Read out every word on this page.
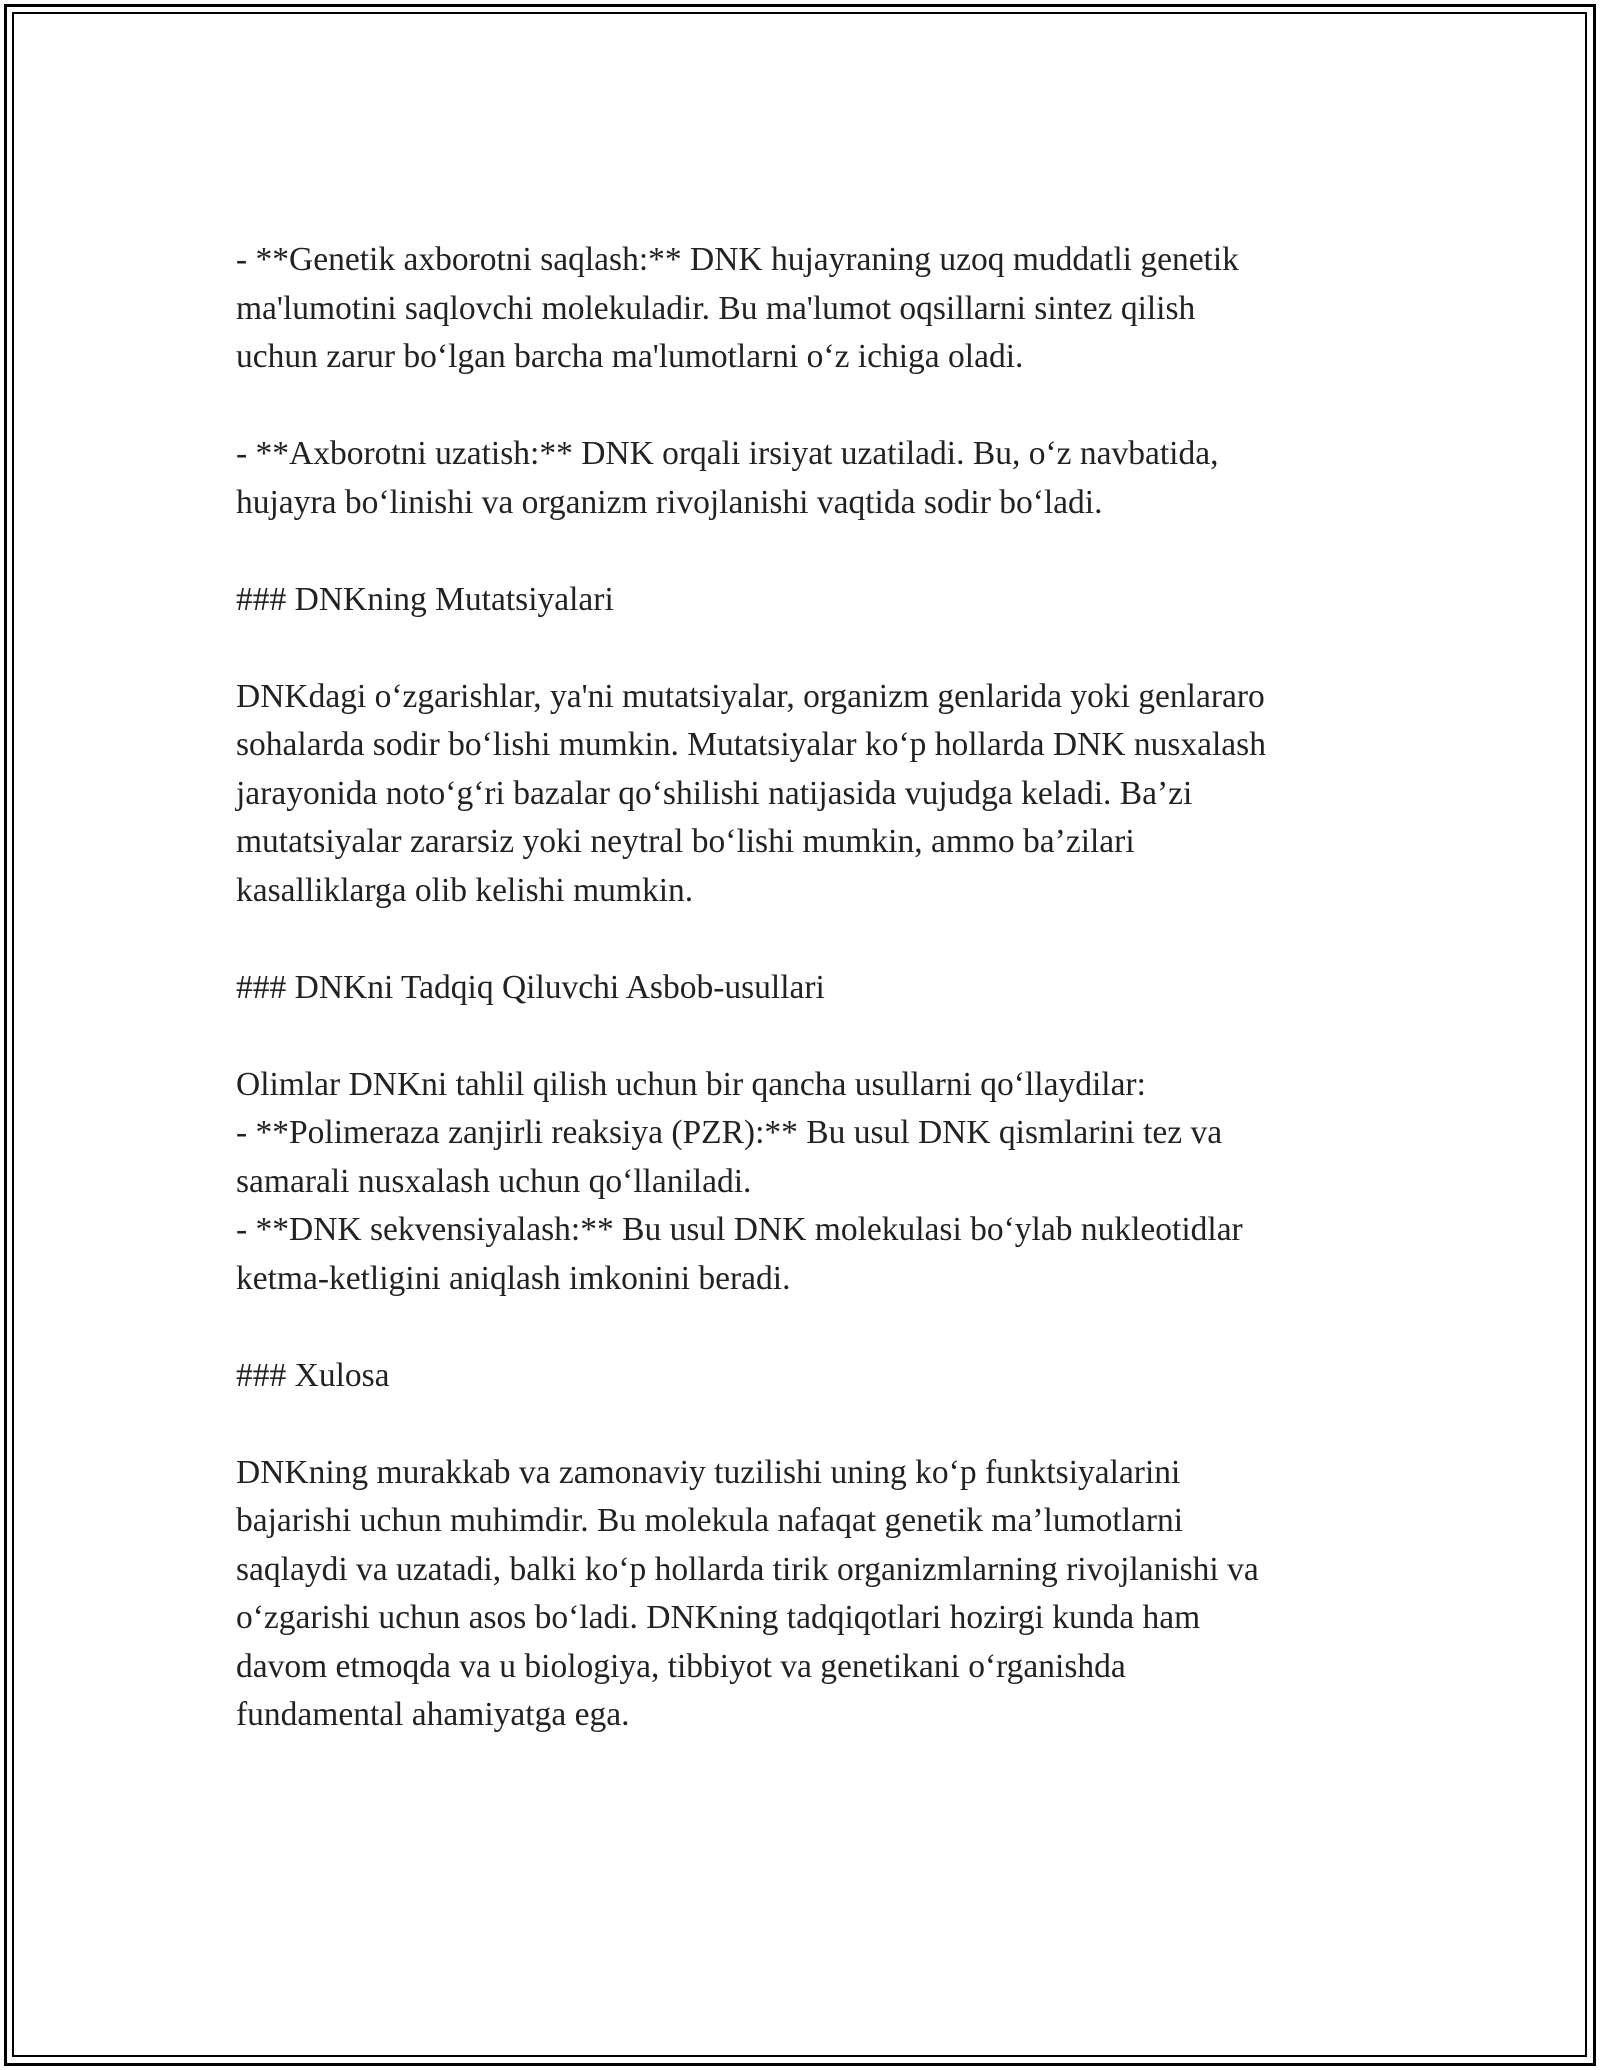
- **Genetik axborotni saqlash:** DNK hujayraning uzoq muddatli genetik
ma'lumotini saqlovchi molekuladir. Bu ma'lumot oqsillarni sintez qilish
uchun zarur bo‘lgan barcha ma'lumotlarni o‘z ichiga oladi.
- **Axborotni uzatish:** DNK orqali irsiyat uzatiladi. Bu, o‘z navbatida,
hujayra bo‘linishi va organizm rivojlanishi vaqtida sodir bo‘ladi.
### DNKning Mutatsiyalari
DNKdagi o‘zgarishlar, ya'ni mutatsiyalar, organizm genlarida yoki genlararo
sohalarda sodir bo‘lishi mumkin. Mutatsiyalar ko‘p hollarda DNK nusxalash
jarayonida noto‘g‘ri bazalar qo‘shilishi natijasida vujudga keladi. Ba’zi
mutatsiyalar zararsiz yoki neytral bo‘lishi mumkin, ammo ba’zilari
kasalliklarga olib kelishi mumkin.
### DNKni Tadqiq Qiluvchi Asbob-usullari
Olimlar DNKni tahlil qilish uchun bir qancha usullarni qo‘llaydilar:
- **Polimeraza zanjirli reaksiya (PZR):** Bu usul DNK qismlarini tez va
samarali nusxalash uchun qo‘llaniladi.
- **DNK sekvensiyalash:** Bu usul DNK molekulasi bo‘ylab nukleotidlar
ketma-ketligini aniqlash imkonini beradi.
### Xulosa
DNKning murakkab va zamonaviy tuzilishi uning ko‘p funktsiyalarini
bajarishi uchun muhimdir. Bu molekula nafaqat genetik ma’lumotlarni
saqlaydi va uzatadi, balki ko‘p hollarda tirik organizmlarning rivojlanishi va
o‘zgarishi uchun asos bo‘ladi. DNKning tadqiqotlari hozirgi kunda ham
davom etmoqda va u biologiya, tibbiyot va genetikani o‘rganishda
fundamental ahamiyatga ega.
